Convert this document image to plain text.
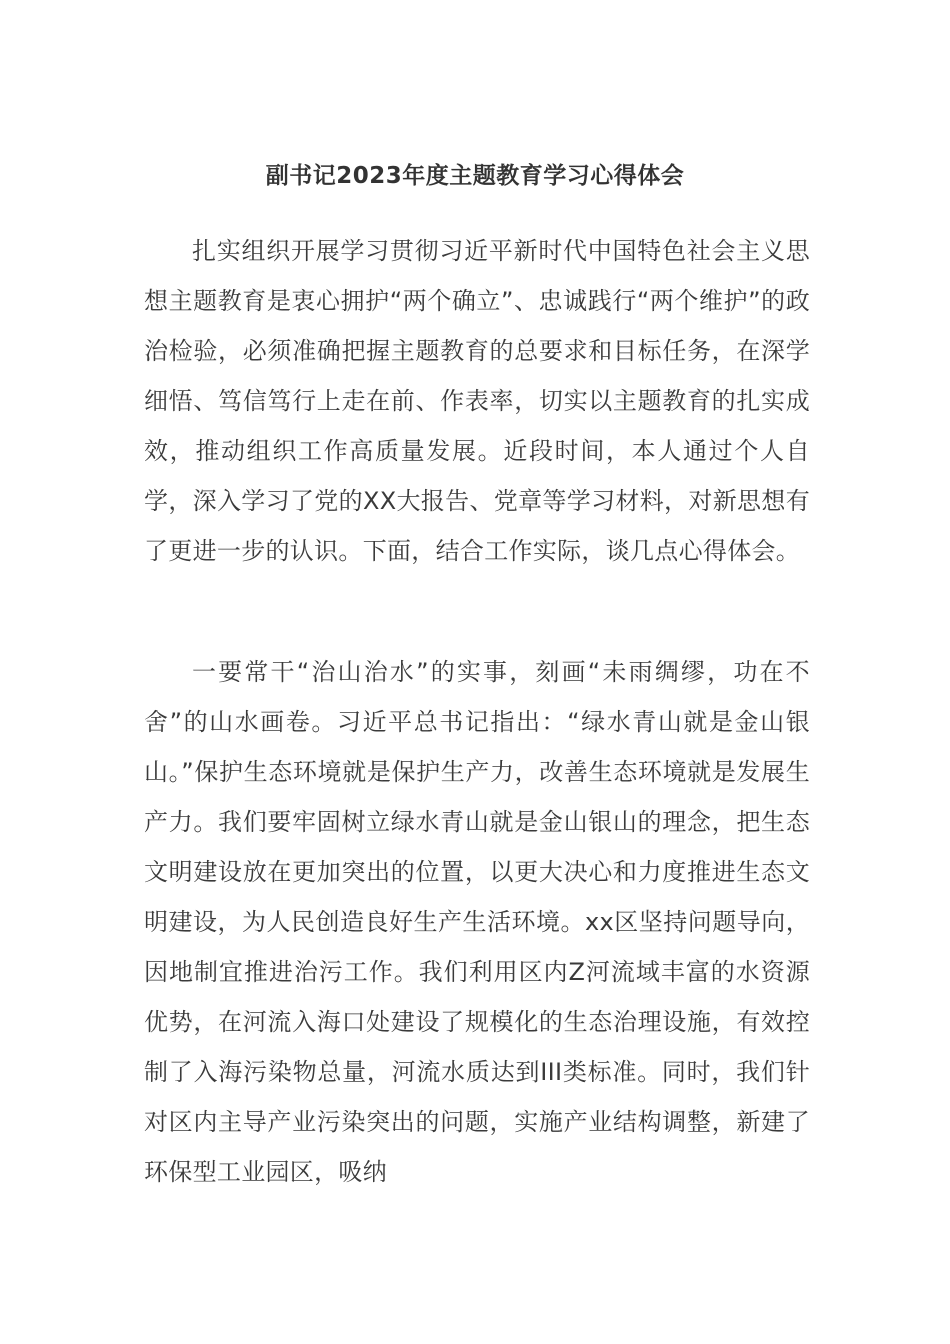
副书记2023年度主题教育学习心得体会

扎实组织开展学习贯彻习近平新时代中国特色社会主义思想主题教育是衷心拥护“两个确立”、忠诚践行“两个维护”的政治检验，必须准确把握主题教育的总要求和目标任务，在深学细悟、笃信笃行上走在前、作表率，切实以主题教育的扎实成效，推动组织工作高质量发展。近段时间，本人通过个人自学，深入学习了党的XX大报告、党章等学习材料，对新思想有了更进一步的认识。下面，结合工作实际，谈几点心得体会。

一要常干“治山治水”的实事，刻画“未雨绸缪，功在不舍”的山水画卷。习近平总书记指出：“绿水青山就是金山银山。”保护生态环境就是保护生产力，改善生态环境就是发展生产力。我们要牢固树立绿水青山就是金山银山的理念，把生态文明建设放在更加突出的位置，以更大决心和力度推进生态文明建设，为人民创造良好生产生活环境。xx区坚持问题导向，因地制宜推进治污工作。我们利用区内Z河流域丰富的水资源优势，在河流入海口处建设了规模化的生态治理设施，有效控制了入海污染物总量，河流水质达到III类标准。同时，我们针对区内主导产业污染突出的问题，实施产业结构调整，新建了环保型工业园区，吸纳
